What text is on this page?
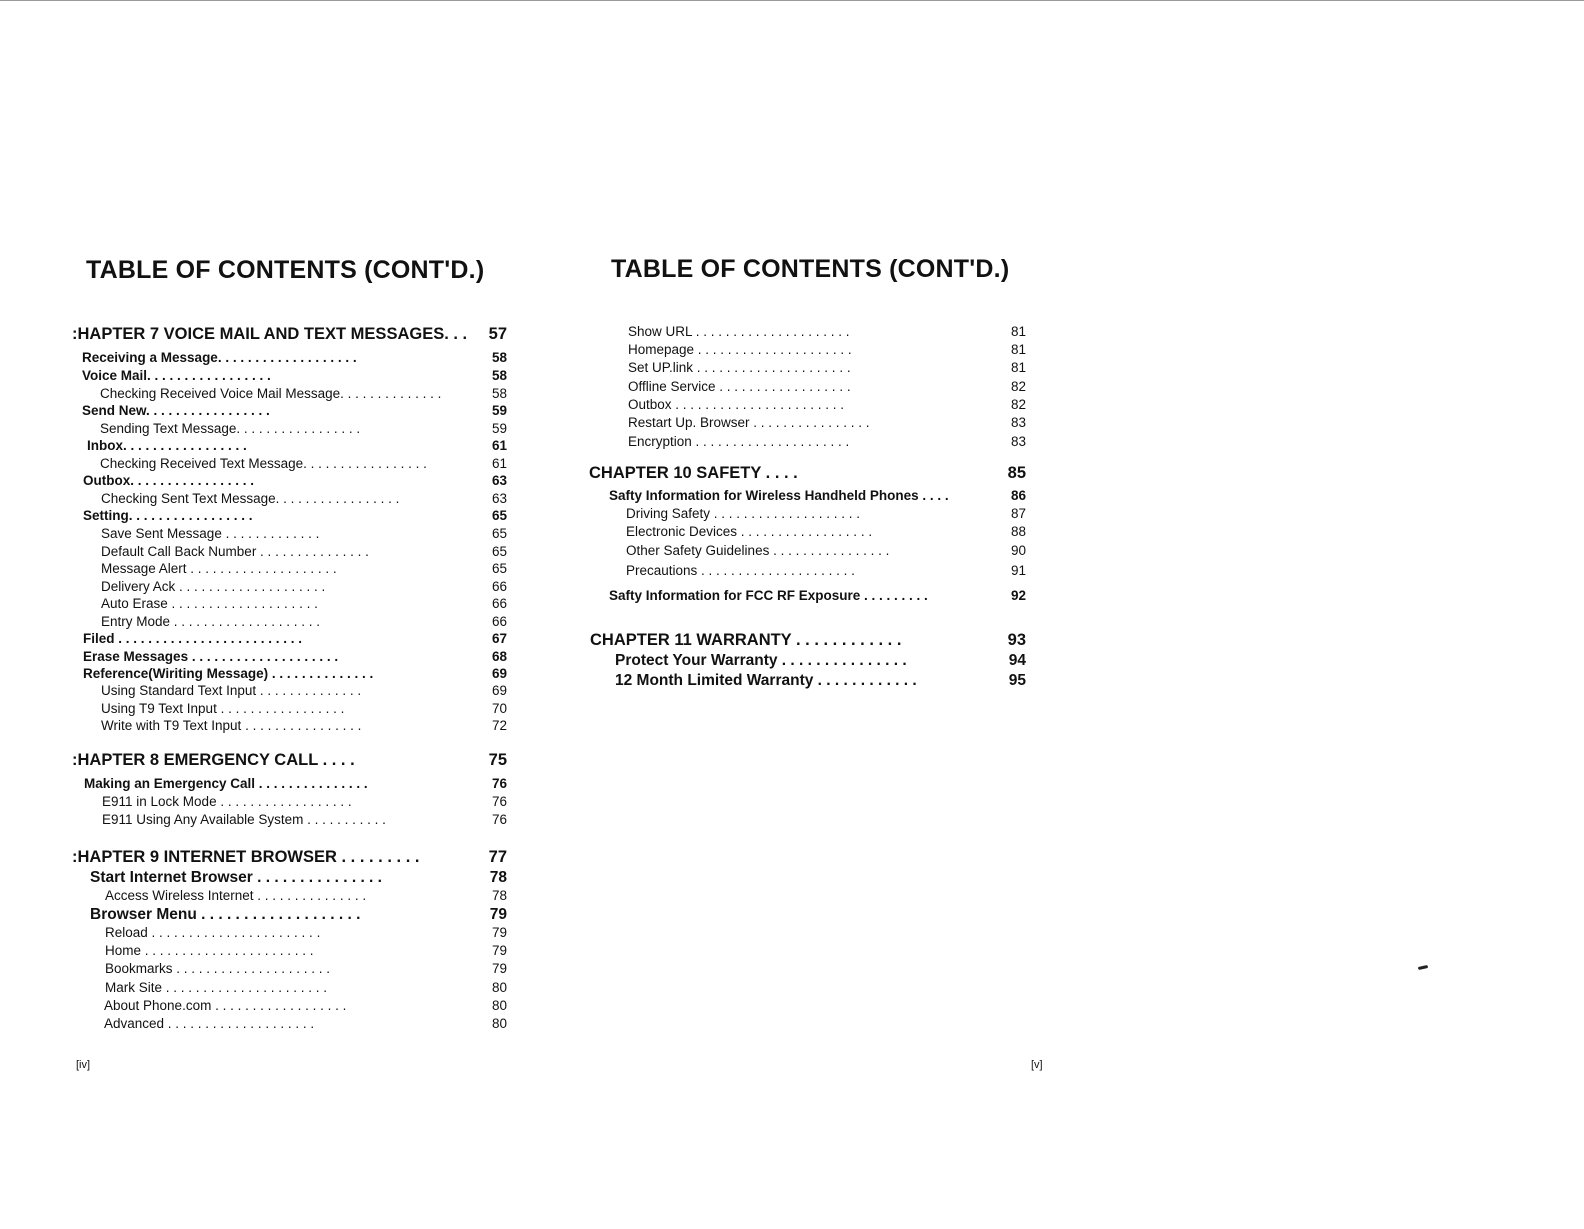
TABLE OF CONTENTS (CONT'D.)
:HAPTER 7 VOICE MAIL AND TEXT MESSAGES. . .	57
Receiving a Message. . . . . . . . . . . . . . . . . . .	58
Voice Mail. . . . . . . . . . . . . . . . .	58
Checking Received Voice Mail Message. . . . . . . . . . . . . .	58
Send New. . . . . . . . . . . . . . . . .	59
Sending Text Message. . . . . . . . . . . . . . . . .	59
Inbox. . . . . . . . . . . . . . . . .	61
Checking Received Text Message. . . . . . . . . . . . . . . . .	61
Outbox. . . . . . . . . . . . . . . . .	63
Checking Sent Text Message. . . . . . . . . . . . . . . . .	63
Setting. . . . . . . . . . . . . . . . .	65
Save Sent Message . . . . . . . . . . . . .	65
Default Call Back Number . . . . . . . . . . . . . . .	65
Message Alert . . . . . . . . . . . . . . . . . . . .	65
Delivery Ack . . . . . . . . . . . . . . . . . . . .	66
Auto Erase . . . . . . . . . . . . . . . . . . . .	66
Entry Mode . . . . . . . . . . . . . . . . . . . .	66
Filed . . . . . . . . . . . . . . . . . . . . . . . . .	67
Erase Messages . . . . . . . . . . . . . . . . . . . .	68
Reference(Wiriting Message) . . . . . . . . . . . . . .	69
Using Standard Text Input . . . . . . . . . . . . . .	69
Using T9 Text Input . . . . . . . . . . . . . . . . .	70
Write with T9 Text Input . . . . . . . . . . . . . . . .	72
:HAPTER 8 EMERGENCY CALL . . . .	75
Making an Emergency Call . . . . . . . . . . . . . . .	76
E911 in Lock Mode . . . . . . . . . . . . . . . . . .	76
E911 Using Any Available System . . . . . . . . . . .	76
:HAPTER 9 INTERNET BROWSER . . . . . . . . .	77
Start Internet Browser . . . . . . . . . . . . . . .	78
Access Wireless Internet . . . . . . . . . . . . . . .	78
Browser Menu . . . . . . . . . . . . . . . . . . .	79
Reload . . . . . . . . . . . . . . . . . . . . . . .	79
Home . . . . . . . . . . . . . . . . . . . . . . .	79
Bookmarks . . . . . . . . . . . . . . . . . . . . .	79
Mark Site . . . . . . . . . . . . . . . . . . . . . .	80
About Phone.com . . . . . . . . . . . . . . . . . .	80
Advanced . . . . . . . . . . . . . . . . . . . .	80
[iv]
TABLE OF CONTENTS (CONT'D.)
Show URL . . . . . . . . . . . . . . . . . . . . .	81
Homepage . . . . . . . . . . . . . . . . . . . . .	81
Set UP.link . . . . . . . . . . . . . . . . . . . . .	81
Offline Service . . . . . . . . . . . . . . . . . .	82
Outbox . . . . . . . . . . . . . . . . . . . . . . .	82
Restart Up. Browser . . . . . . . . . . . . . . . .	83
Encryption . . . . . . . . . . . . . . . . . . . . .	83
CHAPTER 10 SAFETY . . . .	85
Safty Information for Wireless Handheld Phones . . . .	86
Driving Safety . . . . . . . . . . . . . . . . . . . .	87
Electronic Devices . . . . . . . . . . . . . . . . . .	88
Other Safety Guidelines . . . . . . . . . . . . . . . .	90
Precautions . . . . . . . . . . . . . . . . . . . . .	91
Safty Information for FCC RF Exposure . . . . . . . . .	92
CHAPTER 11 WARRANTY . . . . . . . . . . . .	93
Protect Your Warranty . . . . . . . . . . . . . . .	94
12 Month Limited Warranty . . . . . . . . . . . .	95
[v]
